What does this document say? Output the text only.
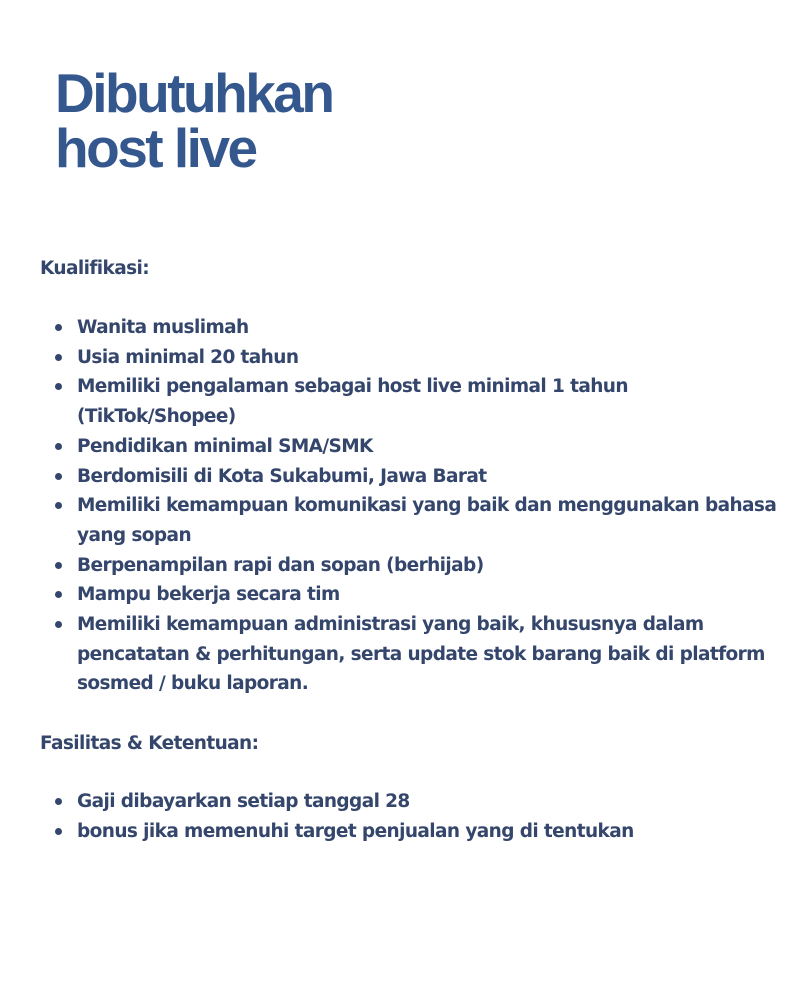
Dibutuhkan
host live
Kualifikasi:
Wanita muslimah
Usia minimal 20 tahun
Memiliki pengalaman sebagai host live minimal 1 tahun (TikTok/Shopee)
Pendidikan minimal SMA/SMK
Berdomisili di Kota Sukabumi, Jawa Barat
Memiliki kemampuan komunikasi yang baik dan menggunakan bahasa yang sopan
Berpenampilan rapi dan sopan (berhijab)
Mampu bekerja secara tim
Memiliki kemampuan administrasi yang baik, khususnya dalam pencatatan & perhitungan, serta update stok barang baik di platform sosmed / buku laporan.
Fasilitas & Ketentuan:
Gaji dibayarkan setiap tanggal 28
bonus jika memenuhi target penjualan yang di tentukan
